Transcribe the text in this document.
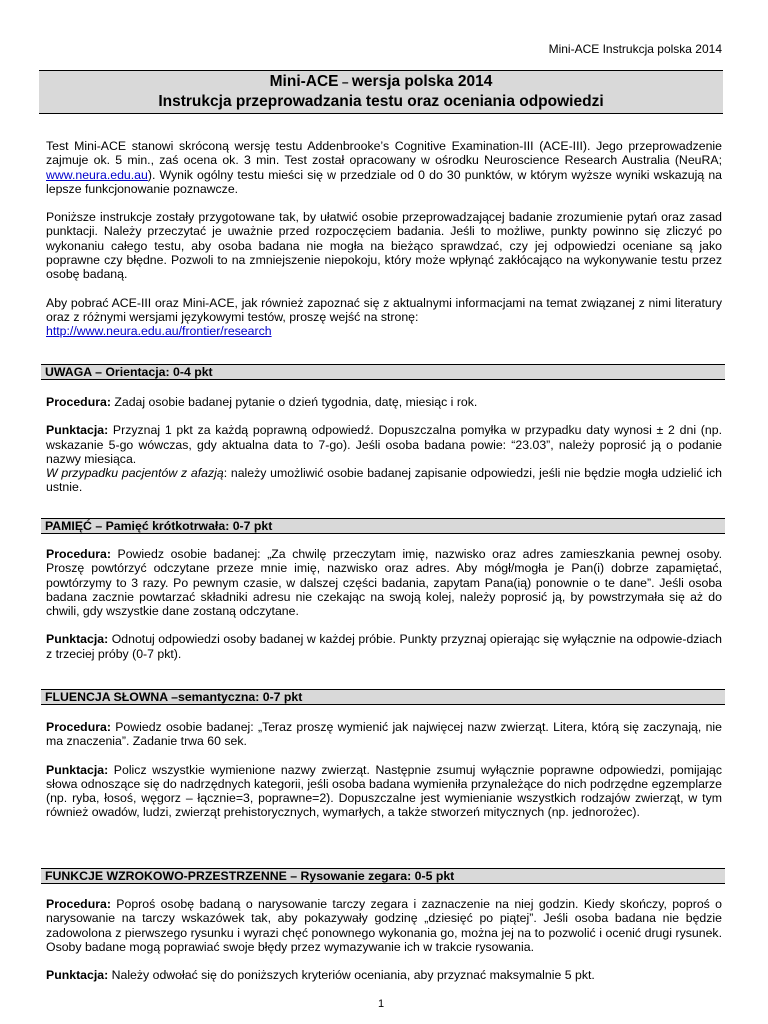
Mini-ACE Instrukcja polska 2014
Mini-ACE – wersja polska 2014
Instrukcja przeprowadzania testu oraz oceniania odpowiedzi

Test Mini-ACE stanowi skróconą wersję testu Addenbrooke’s Cognitive Examination-III (ACE-III). Jego przeprowadzenie zajmuje ok. 5 min., zaś ocena ok. 3 min. Test został opracowany w ośrodku Neuroscience Research Australia (NeuRA; www.neura.edu.au). Wynik ogólny testu mieści się w przedziale od 0 do 30 punktów, w którym wyższe wyniki wskazują na lepsze funkcjonowanie poznawcze.

Poniższe instrukcje zostały przygotowane tak, by ułatwić osobie przeprowadzającej badanie zrozumienie pytań oraz zasad punktacji. Należy przeczytać je uważnie przed rozpoczęciem badania. Jeśli to możliwe, punkty powinno się zliczyć po wykonaniu całego testu, aby osoba badana nie mogła na bieżąco sprawdzać, czy jej odpowiedzi oceniane są jako poprawne czy błędne. Pozwoli to na zmniejszenie niepokoju, który może wpłynąć zakłócająco na wykonywanie testu przez osobę badaną.

Aby pobrać ACE-III oraz Mini-ACE, jak również zapoznać się z aktualnymi informacjami na temat związanej z nimi literatury oraz z różnymi wersjami językowymi testów, proszę wejść na stronę:
http://www.neura.edu.au/frontier/research

UWAGA – Orientacja: 0-4 pkt

Procedura: Zadaj osobie badanej pytanie o dzień tygodnia, datę, miesiąc i rok.

Punktacja: Przyznaj 1 pkt za każdą poprawną odpowiedź. Dopuszczalna pomyłka w przypadku daty wynosi ± 2 dni (np. wskazanie 5-go wówczas, gdy aktualna data to 7-go). Jeśli osoba badana powie: “23.03”, należy poprosić ją o podanie nazwy miesiąca.
W przypadku pacjentów z afazją: należy umożliwić osobie badanej zapisanie odpowiedzi, jeśli nie będzie mogła udzielić ich ustnie.

PAMIĘĆ – Pamięć krótkotrwała: 0-7 pkt

Procedura: Powiedz osobie badanej: „Za chwilę przeczytam imię, nazwisko oraz adres zamieszkania pewnej osoby. Proszę powtórzyć odczytane przeze mnie imię, nazwisko oraz adres. Aby mógł/mogła je Pan(i) dobrze zapamiętać, powtórzymy to 3 razy. Po pewnym czasie, w dalszej części badania, zapytam Pana(ią) ponownie o te dane”. Jeśli osoba badana zacznie powtarzać składniki adresu nie czekając na swoją kolej, należy poprosić ją, by powstrzymała się aż do chwili, gdy wszystkie dane zostaną odczytane.

Punktacja: Odnotuj odpowiedzi osoby badanej w każdej próbie. Punkty przyznaj opierając się wyłącznie na odpowie-dziach z trzeciej próby (0-7 pkt).

FLUENCJA SŁOWNA –semantyczna: 0-7 pkt

Procedura: Powiedz osobie badanej: „Teraz proszę wymienić jak najwięcej nazw zwierząt. Litera, którą się zaczynają, nie ma znaczenia”. Zadanie trwa 60 sek.

Punktacja: Policz wszystkie wymienione nazwy zwierząt. Następnie zsumuj wyłącznie poprawne odpowiedzi, pomijając słowa odnoszące się do nadrzędnych kategorii, jeśli osoba badana wymieniła przynależące do nich podrzędne egzemplarze (np. ryba, łosoś, węgorz – łącznie=3, poprawne=2). Dopuszczalne jest wymienianie wszystkich rodzajów zwierząt, w tym również owadów, ludzi, zwierząt prehistorycznych, wymarłych, a także stworzeń mitycznych (np. jednorożec).

FUNKCJE WZROKOWO-PRZESTRZENNE – Rysowanie zegara: 0-5 pkt

Procedura: Poproś osobę badaną o narysowanie tarczy zegara i zaznaczenie na niej godzin. Kiedy skończy, poproś o narysowanie na tarczy wskazówek tak, aby pokazywały godzinę „dziesięć po piątej”. Jeśli osoba badana nie będzie zadowolona z pierwszego rysunku i wyrazi chęć ponownego wykonania go, można jej na to pozwolić i ocenić drugi rysunek. Osoby badane mogą poprawiać swoje błędy przez wymazywanie ich w trakcie rysowania.

Punktacja: Należy odwołać się do poniższych kryteriów oceniania, aby przyznać maksymalnie 5 pkt.

1
